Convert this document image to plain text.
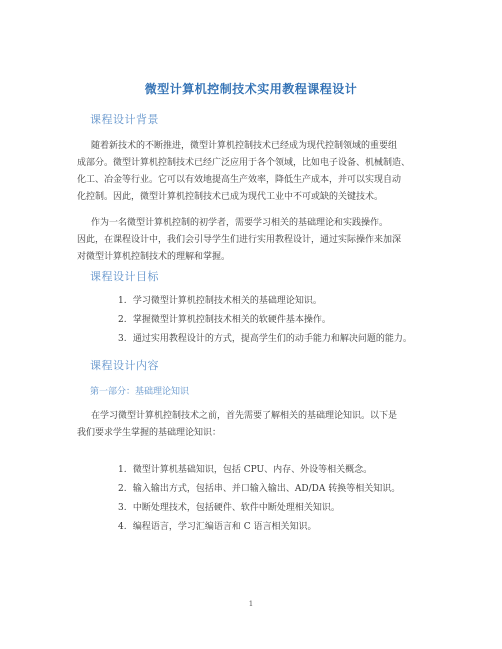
微型计算机控制技术实用教程课程设计
课程设计背景
随着新技术的不断推进，微型计算机控制技术已经成为现代控制领域的重要组
成部分。微型计算机控制技术已经广泛应用于各个领域，比如电子设备、机械制造、
化工、冶金等行业。它可以有效地提高生产效率，降低生产成本，并可以实现自动
化控制。因此，微型计算机控制技术已成为现代工业中不可或缺的关键技术。
作为一名微型计算机控制的初学者，需要学习相关的基础理论和实践操作。
因此，在课程设计中，我们会引导学生们进行实用教程设计，通过实际操作来加深
对微型计算机控制技术的理解和掌握。
课程设计目标
1. 学习微型计算机控制技术相关的基础理论知识。
2. 掌握微型计算机控制技术相关的软硬件基本操作。
3. 通过实用教程设计的方式，提高学生们的动手能力和解决问题的能力。
课程设计内容
第一部分：基础理论知识
在学习微型计算机控制技术之前，首先需要了解相关的基础理论知识。以下是
我们要求学生掌握的基础理论知识：
1. 微型计算机基础知识，包括 CPU、内存、外设等相关概念。
2. 输入输出方式，包括串、并口输入输出、AD/DA 转换等相关知识。
3. 中断处理技术，包括硬件、软件中断处理相关知识。
4. 编程语言，学习汇编语言和 C 语言相关知识。
1
